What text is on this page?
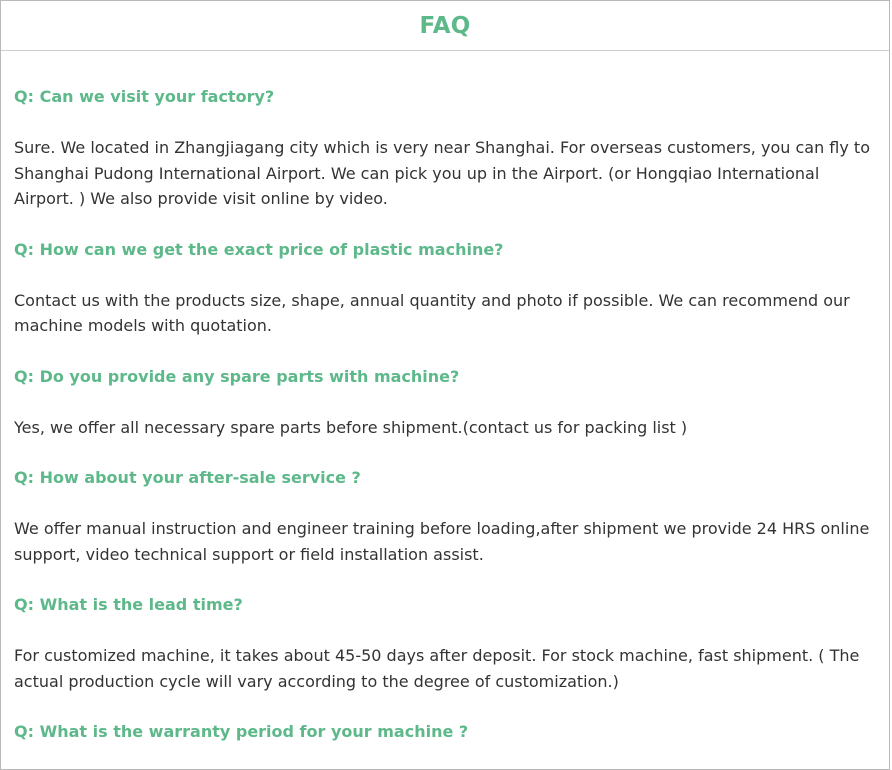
FAQ
Q: Can we visit your factory?

Sure. We located in Zhangjiagang city which is very near Shanghai. For overseas customers, you can fly to Shanghai Pudong International Airport. We can pick you up in the Airport. (or Hongqiao International Airport. ) We also provide visit online by video.

Q: How can we get the exact price of plastic machine?

Contact us with the products size, shape, annual quantity and photo if possible. We can recommend our machine models with quotation.

Q: Do you provide any spare parts with machine?

Yes, we offer all necessary spare parts before shipment.(contact us for packing list )

Q: How about your after-sale service ?

We offer manual instruction and engineer training before loading,after shipment we provide 24 HRS online support, video technical support or field installation assist.

Q: What is the lead time?

For customized machine, it takes about 45-50 days after deposit. For stock machine, fast shipment. ( The actual production cycle will vary according to the degree of customization.)

Q: What is the warranty period for your machine ?
